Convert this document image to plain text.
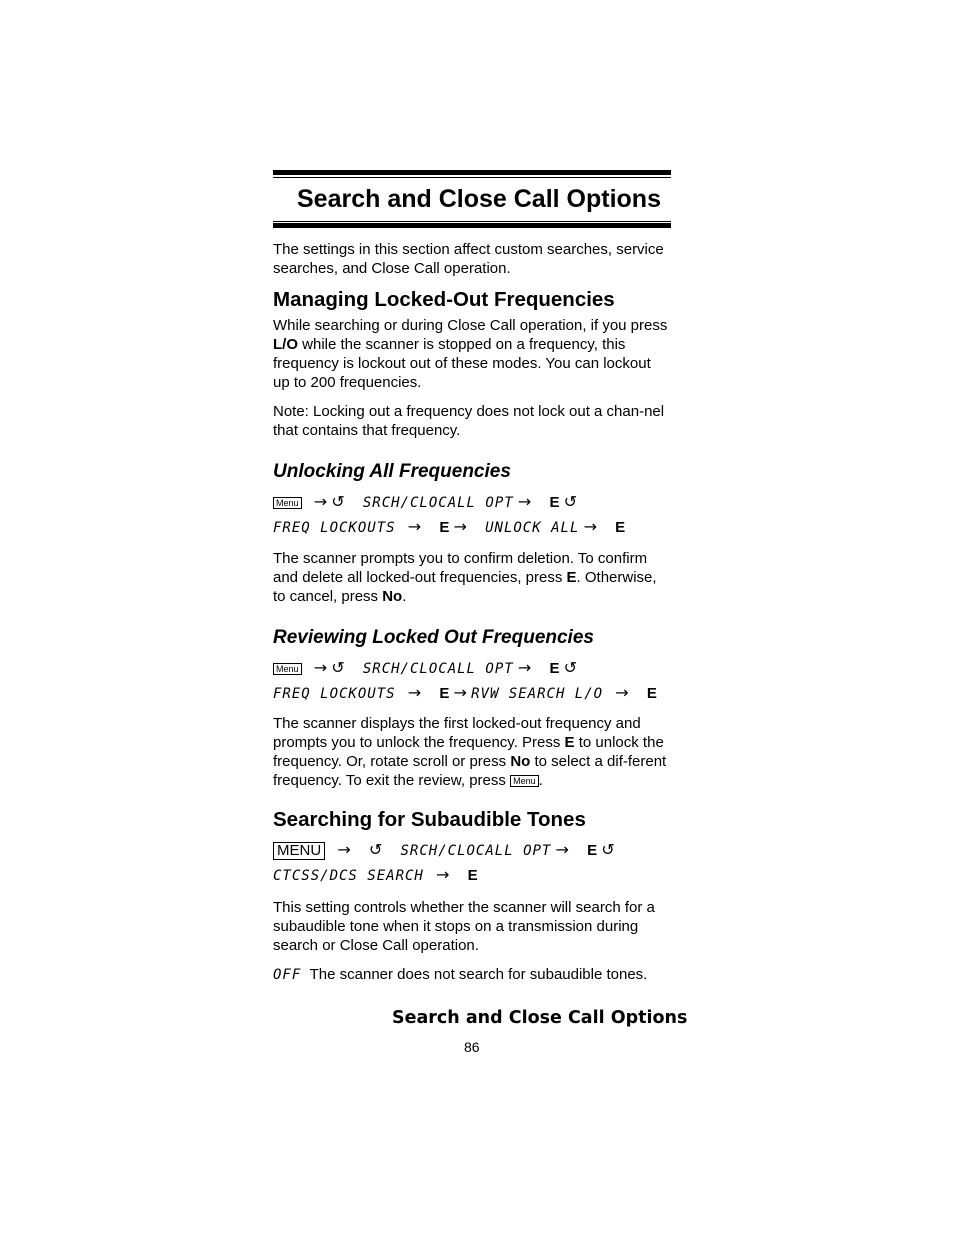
Search and Close Call Options

The settings in this section affect custom searches, service searches, and Close Call operation.

Managing Locked-Out Frequencies

While searching or during Close Call operation, if you press L/O while the scanner is stopped on a frequency, this frequency is lockout out of these modes. You can lockout up to 200 frequencies.

Note: Locking out a frequency does not lock out a chan-nel that contains that frequency.

Unlocking All Frequencies
Menu → ↺ SRCH/CLOCALL OPT → E ↺
FREQ LOCKOUTS → E → UNLOCK ALL → E

The scanner prompts you to confirm deletion. To confirm and delete all locked-out frequencies, press E. Otherwise, to cancel, press No.

Reviewing Locked Out Frequencies
Menu → ↺ SRCH/CLOCALL OPT → E ↺
FREQ LOCKOUTS → E → RVW SEARCH L/O → E

The scanner displays the first locked-out frequency and prompts you to unlock the frequency. Press E to unlock the frequency. Or, rotate scroll or press No to select a dif-ferent frequency. To exit the review, press Menu .

Searching for Subaudible Tones
MENU → ↺ SRCH/CLOCALL OPT → E ↺
CTCSS/DCS SEARCH → E

This setting controls whether the scanner will search for a subaudible tone when it stops on a transmission during search or Close Call operation.

OFF The scanner does not search for subaudible tones.

Search and Close Call Options
86
